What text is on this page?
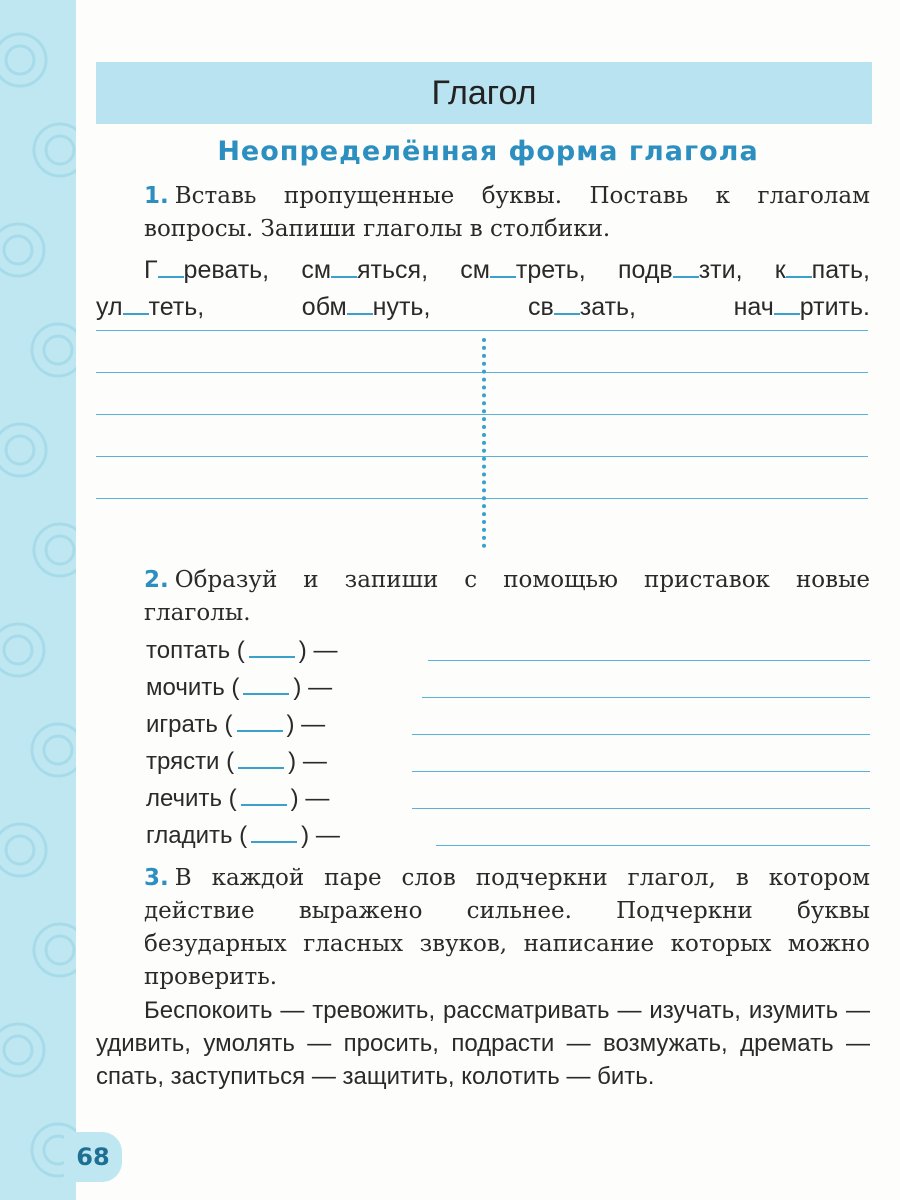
Глагол
Неопределённая форма глагола
1. Вставь пропущенные буквы. Поставь к глаголам вопросы. Запиши глаголы в столбики.
Г ревать, см яться, см треть, подв зти, к пать, ул теть,	обм нуть,	св зать,	нач ртить.
2. Образуй и запиши с помощью приставок новые глаголы.
топтать ( ) —
мочить ( ) —
играть ( ) —
трясти ( ) —
лечить ( ) —
гладить ( ) —
3. В каждой паре слов подчеркни глагол, в котором действие выражено сильнее. Подчеркни буквы безударных гласных звуков, написание которых можно проверить.
Беспокоить — тревожить, рассматривать — изучать, изумить — удивить, умолять — просить, подрасти — возмужать, дремать — спать, заступиться — защитить, колотить — бить.
68
